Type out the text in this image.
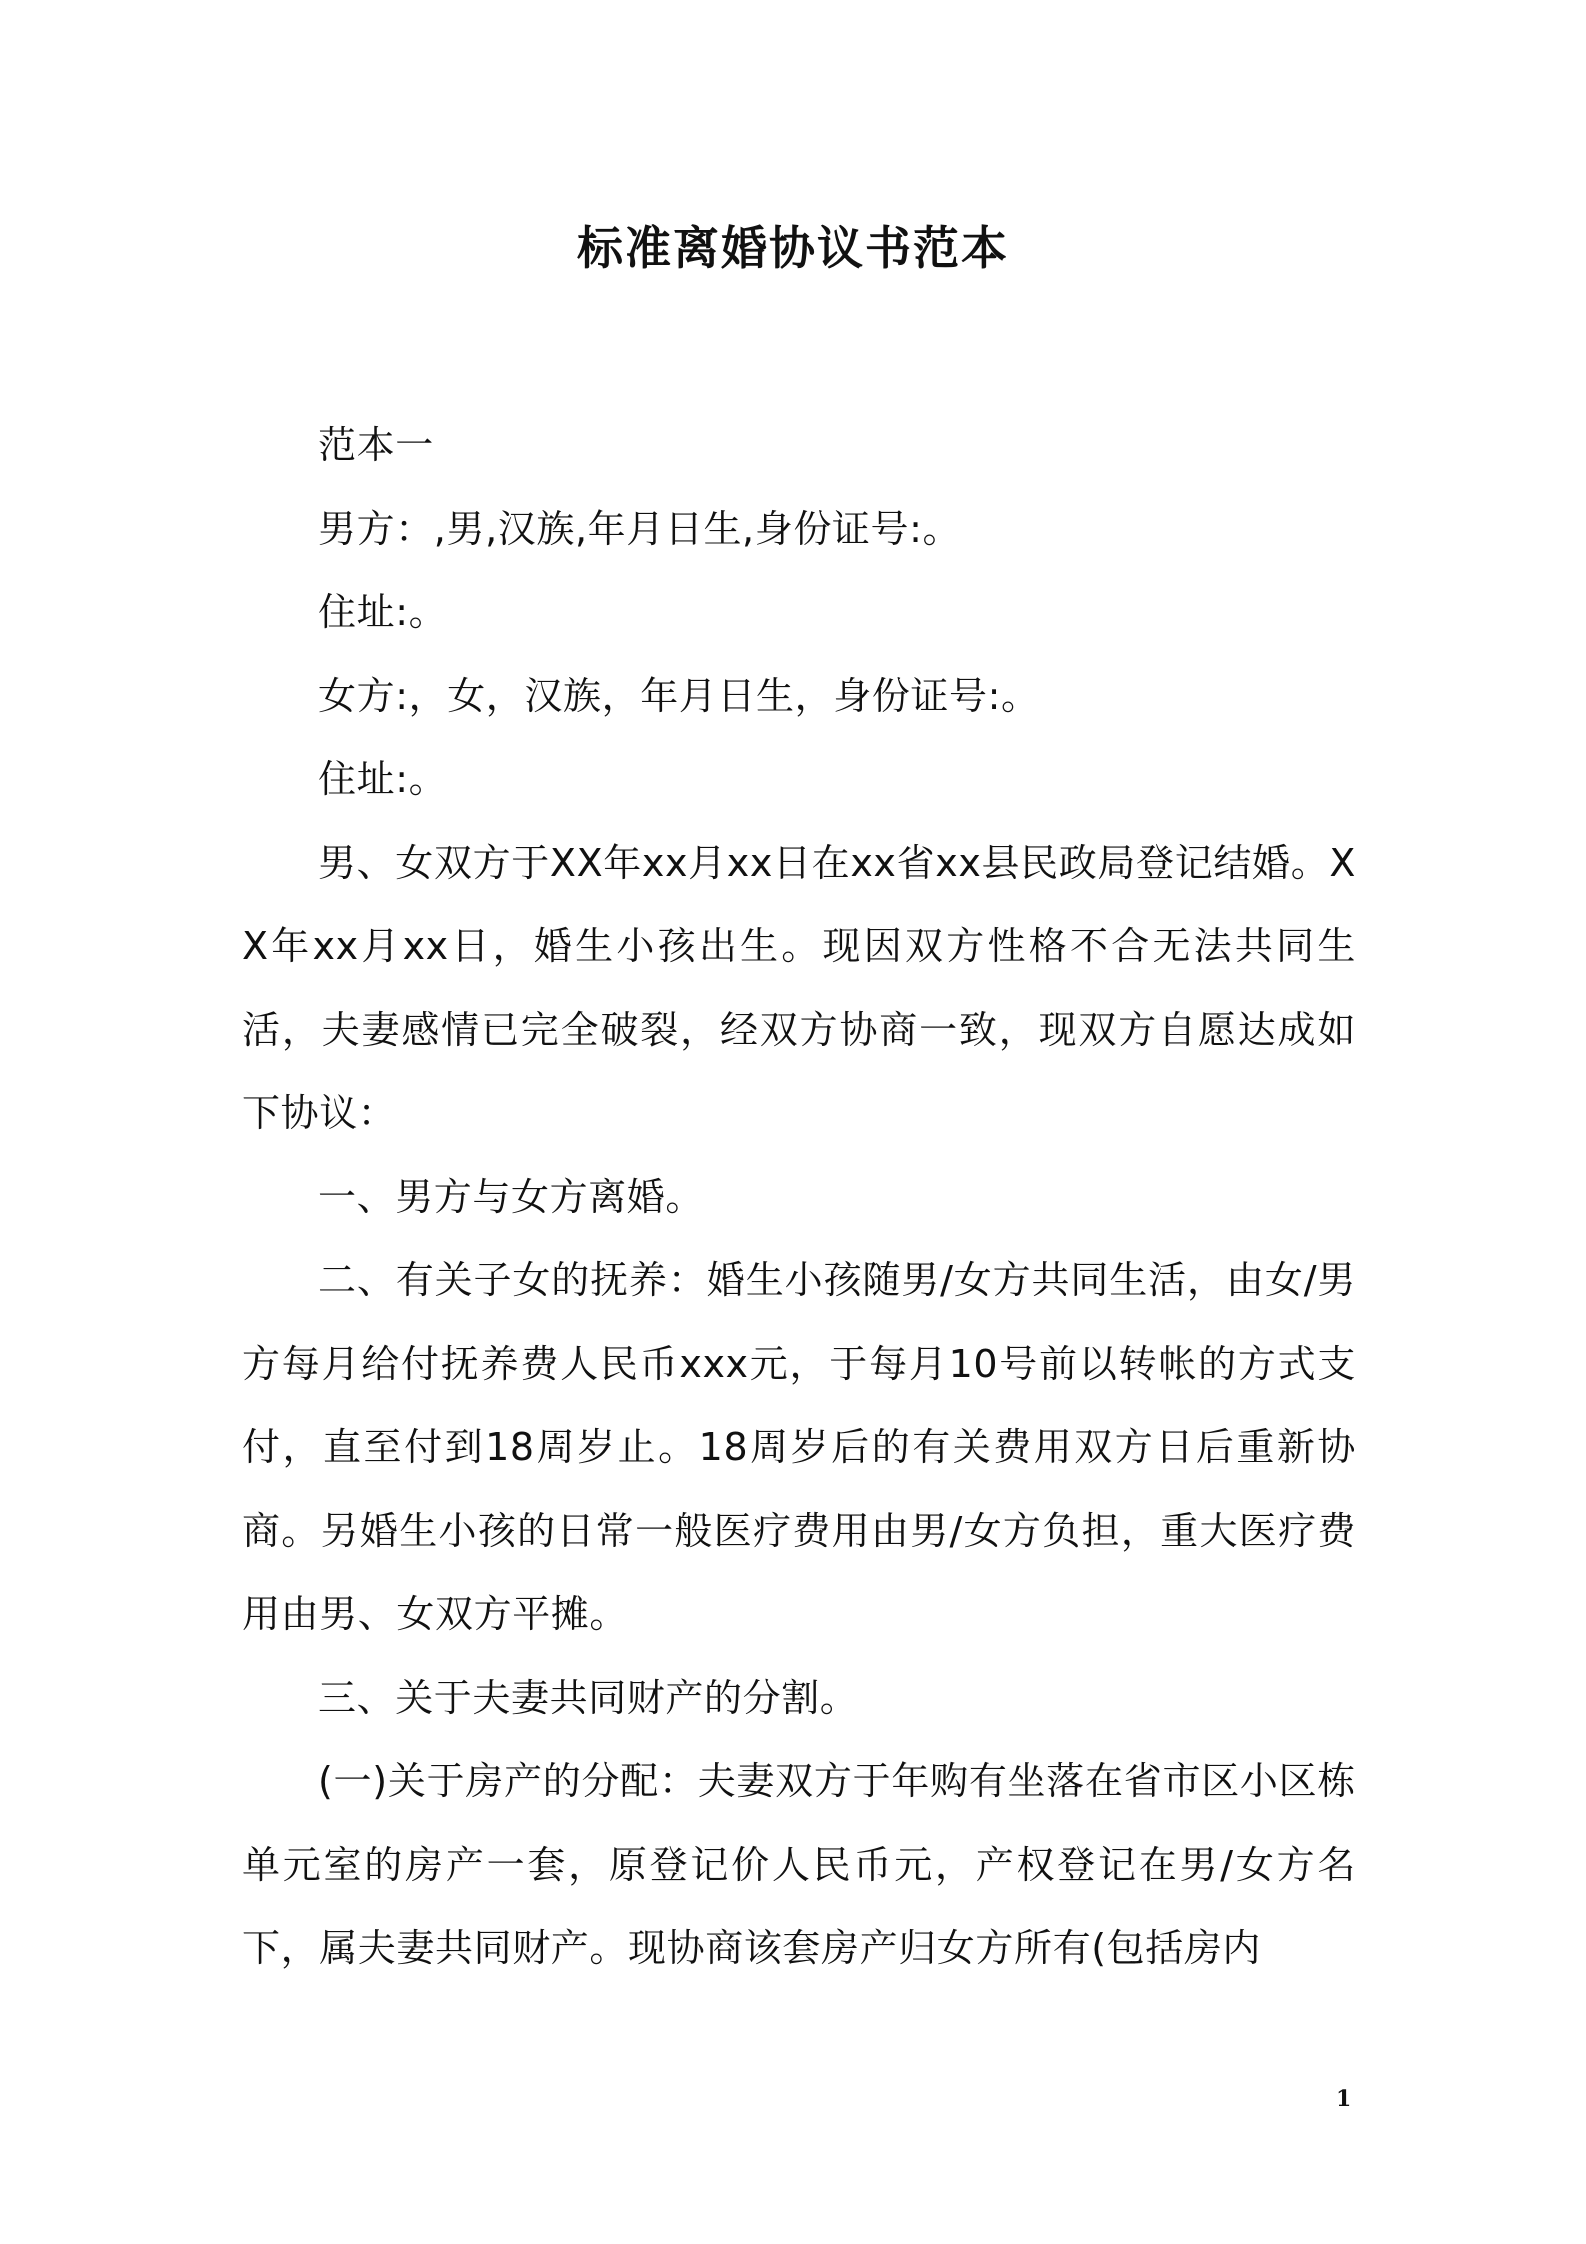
标准离婚协议书范本

范本一

男方：,男,汉族,年月日生,身份证号:。

住址:。

女方:，女，汉族，年月日生，身份证号:。

住址:。

男、女双方于XX年xx月xx日在xx省xx县民政局登记结婚。XX年xx月xx日，婚生小孩出生。现因双方性格不合无法共同生活，夫妻感情已完全破裂，经双方协商一致，现双方自愿达成如下协议：

一、男方与女方离婚。

二、有关子女的抚养：婚生小孩随男/女方共同生活，由女/男方每月给付抚养费人民币xxx元，于每月10号前以转帐的方式支付，直至付到18周岁止。18周岁后的有关费用双方日后重新协商。另婚生小孩的日常一般医疗费用由男/女方负担，重大医疗费用由男、女双方平摊。

三、关于夫妻共同财产的分割。

(一)关于房产的分配：夫妻双方于年购有坐落在省市区小区栋单元室的房产一套，原登记价人民币元，产权登记在男/女方名下，属夫妻共同财产。现协商该套房产归女方所有(包括房内

1
